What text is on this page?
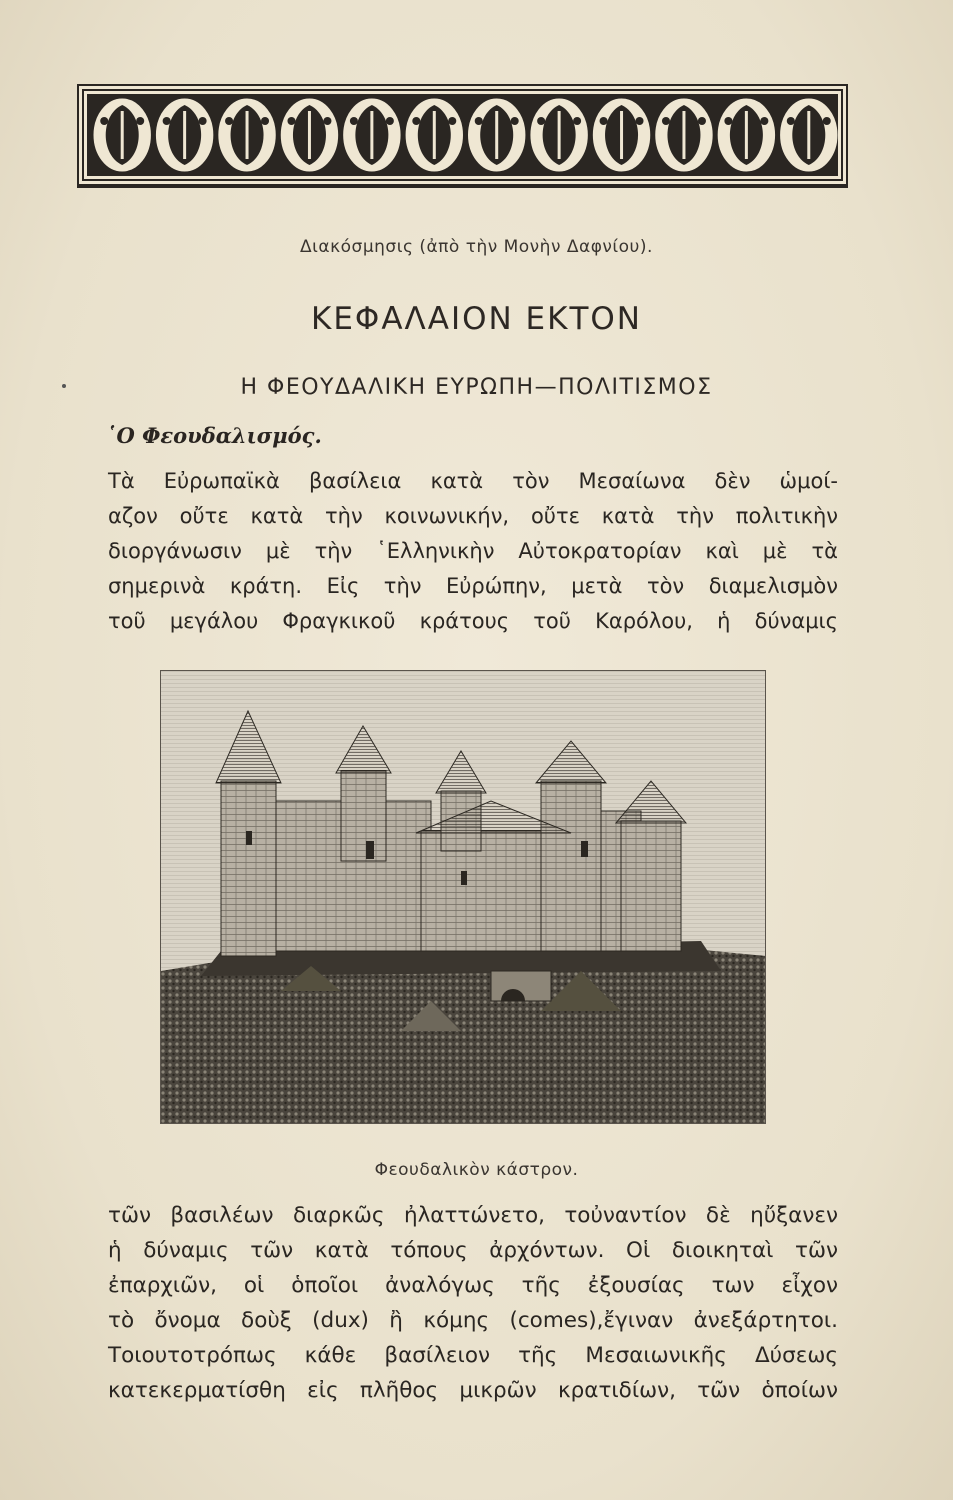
Διακόσμησις (ἀπὸ τὴν Μονὴν Δαφνίου).
ΚΕΦΑΛΑΙΟΝ ΕΚΤΟΝ
Η ΦΕΟΥΔΑΛΙΚΗ ΕΥΡΩΠΗ—ΠΟΛΙΤΙΣΜΟΣ
῾Ο Φεουδαλισμός.
Τὰ Εὐρωπαϊκὰ βασίλεια κατὰ τὸν Μεσαίωνα δὲν ὡμοί-
αζον οὔτε κατὰ τὴν κοινωνικήν, οὔτε κατὰ τὴν πολιτικὴν
διοργάνωσιν μὲ τὴν ῾Ελληνικὴν Αὐτοκρατορίαν καὶ μὲ τὰ
σημερινὰ κράτη. Εἰς τὴν Εὐρώπην, μετὰ τὸν διαμελισμὸν
τοῦ μεγάλου Φραγκικοῦ κράτους τοῦ Καρόλου, ἡ δύναμις
Φεουδαλικὸν κάστρον.
τῶν βασιλέων διαρκῶς ἠλαττώνετο, τοὐναντίον δὲ ηὔξανεν
ἡ δύναμις τῶν κατὰ τόπους ἀρχόντων. Οἱ διοικηταὶ τῶν
ἐπαρχιῶν, οἱ ὁποῖοι ἀναλόγως τῆς ἐξουσίας των εἶχον
τὸ ὄνομα δοὺξ (dux) ἢ κόμης (comes),ἔγιναν ἀνεξάρτητοι.
Τοιουτοτρόπως κάθε βασίλειον τῆς Μεσαιωνικῆς Δύσεως
κατεκερματίσθη εἰς πλῆθος μικρῶν κρατιδίων, τῶν ὁποίων
